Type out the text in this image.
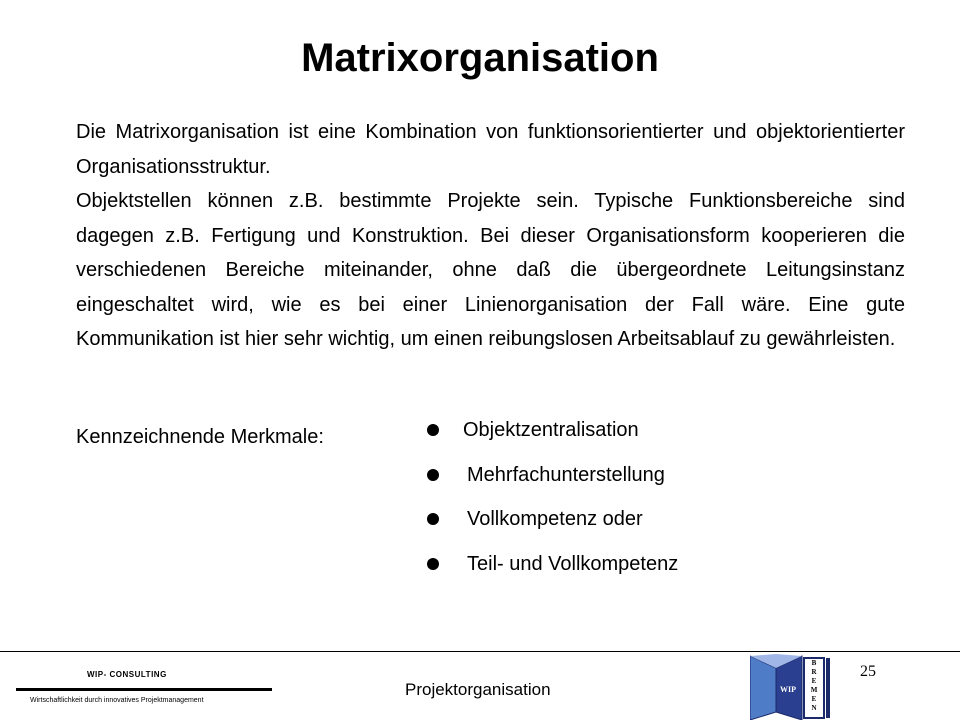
Matrixorganisation

Die Matrixorganisation ist eine Kombination von funktionsorientierter und objektorientierter Organisationsstruktur.

Objektstellen können z.B. bestimmte Projekte sein. Typische Funktionsbereiche sind dagegen z.B. Fertigung und Konstruktion. Bei dieser Organisationsform kooperieren die verschiedenen Bereiche miteinander, ohne daß die übergeordnete Leitungsinstanz eingeschaltet wird, wie es bei einer Linienorganisation der Fall wäre. Eine gute Kommunikation ist hier sehr wichtig, um einen reibungslosen Arbeitsablauf zu gewährleisten.

Kennzeichnende Merkmale:	Objektzentralisation
Mehrfachunterstellung
Vollkompetenz oder
Teil- und Vollkompetenz
WIP- CONSULTING
Wirtschaftlichkeit durch innovatives Projektmanagement
Projektorganisation
25
WIP
B
R
E
M
E
N
